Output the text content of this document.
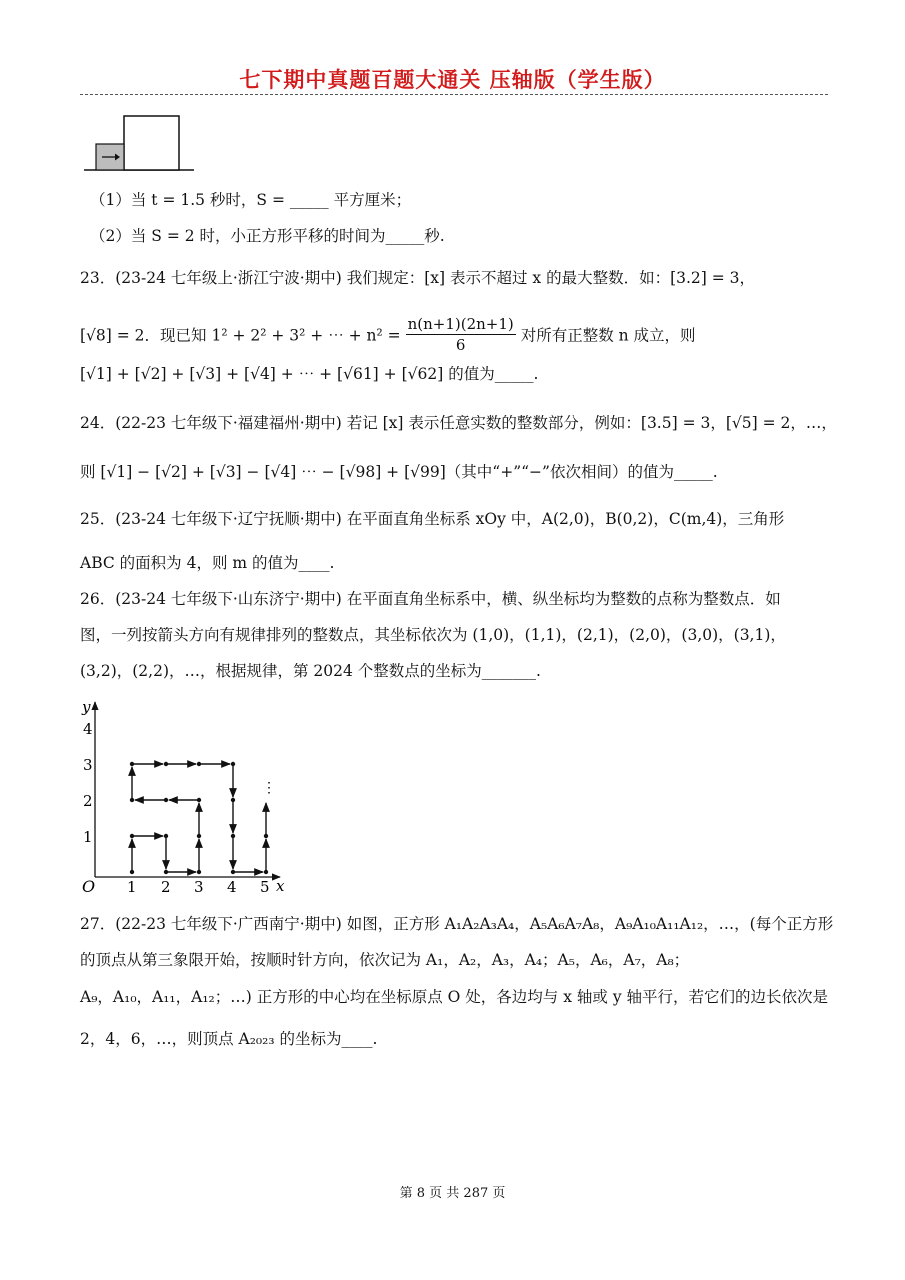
七下期中真题百题大通关 压轴版（学生版）
（1）当 t = 1.5 秒时，S = _____ 平方厘米；
（2）当 S = 2 时，小正方形平移的时间为_____秒.
23．(23-24 七年级上·浙江宁波·期中) 我们规定：[x] 表示不超过 x 的最大整数．如：[3.2] = 3，
[√8] = 2．现已知 1² + 2² + 3² + ⋯ + $n^2 = \frac{n(n+1)(2n+1)}{6}$ 对所有正整数 n 成立，则
[√1] + [√2] + [√3] + [√4] + ⋯ + [√61] + [√62] 的值为_____.
24．(22-23 七年级下·福建福州·期中) 若记 [x] 表示任意实数的整数部分，例如：[3.5] = 3，[√5] = 2，…，
则 [√1] − [√2] + [√3] − [√4] ⋯ − [√98] + [√99]（其中“+”“−”依次相间）的值为_____.
25．(23-24 七年级下·辽宁抚顺·期中) 在平面直角坐标系 xOy 中，A(2,0)，B(0,2)，C(m,4)，三角形
ABC 的面积为 4，则 m 的值为____.
26．(23-24 七年级下·山东济宁·期中) 在平面直角坐标系中，横、纵坐标均为整数的点称为整数点．如
图，一列按箭头方向有规律排列的整数点，其坐标依次为 (1,0)，(1,1)，(2,1)，(2,0)，(3,0)，(3,1)，
(3,2)，(2,2)，…，根据规律，第 2024 个整数点的坐标为_______.
y
x
O
4
3
2
1
1 2 3 4 5
⋮
27．(22-23 七年级下·广西南宁·期中) 如图，正方形 A₁A₂A₃A₄，A₅A₆A₇A₈，A₉A₁₀A₁₁A₁₂，…，(每个正方形
的顶点从第三象限开始，按顺时针方向，依次记为 A₁，A₂，A₃，A₄；A₅，A₆，A₇，A₈；
A₉，A₁₀，A₁₁，A₁₂；…) 正方形的中心均在坐标原点 O 处，各边均与 x 轴或 y 轴平行，若它们的边长依次是
2，4，6，…，则顶点 A₂₀₂₃ 的坐标为____.
第 8 页 共 287 页
